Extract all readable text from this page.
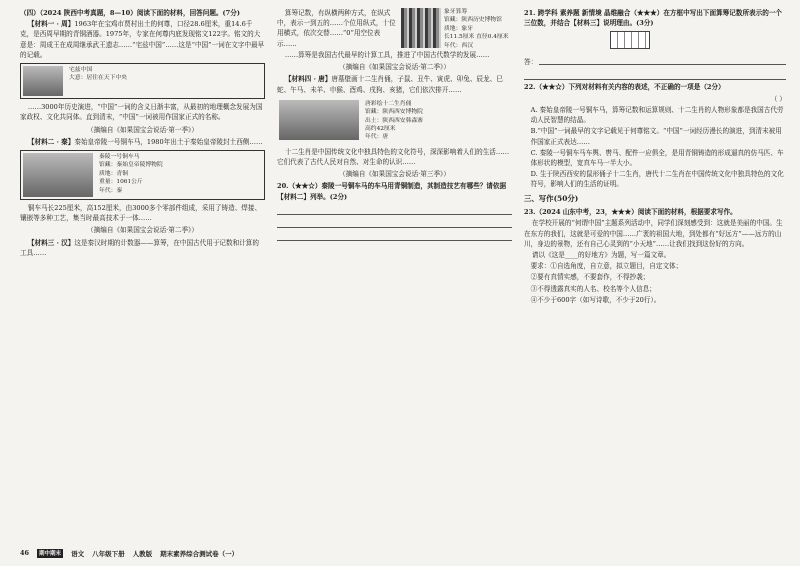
（四）（2024 陕西中考真题，8—10）阅读下面的材料，回答问题。(7分)

【材料一 · 周】1963年在宝鸡市贾村出土的何尊，口径28.6厘米，重14.6千克，是西周早期的青铜酒器。1975年，专家在何尊内底发现铭文122字。铭文的大意是：周成王在成周继承武王遗志……“宅兹中国”……这是“中国”一词在文字中最早的记载。

宅兹中国
大意：居住在天下中央

……3000年历史演进，“中国”一词的含义日渐丰富，从最初的地理概念发展为国家政权、文化共同体。直到清末，“中国”一词被用作国家正式的名称。

（摘编自《如果国宝会说话·第一季》）

【材料二 · 秦】秦始皇帝陵一号铜车马，1980年出土于秦始皇帝陵封土西侧……

秦陵一号铜车马
馆藏：秦始皇帝陵博物院
质地：青铜
重量：1061公斤
年代：秦

铜车马长225厘米，高152厘米，由3000多个零部件组成，采用了铸造、焊接、镶嵌等多种工艺，集当时最高技术于一体……

（摘编自《如果国宝会说话·第二季》）

【材料三 · 汉】这是秦汉时期的计数器——算筹，在中国古代用于记数和计算的工具……

算筹记数，有纵横两种方式，在纵式中，表示一到五的……个位用纵式，十位用横式，依次交替……“0”用空位表示……

象牙算筹
馆藏：陕西历史博物馆
质地：象牙
长11.5厘米 直径0.4厘米
年代：西汉

……算筹是我国古代最早的计算工具，推进了中国古代数学的发展……

（摘编自《如果国宝会说话·第二季》）

【材料四 · 唐】唐墓壁画十二生肖俑，子鼠、丑牛、寅虎、卯兔、辰龙、巳蛇、午马、未羊、申猴、酉鸡、戌狗、亥猪，它们依次排开……

唐彩绘十二生肖俑
馆藏：陕西西安博物院
出土：陕西西安韩森寨
高约42厘米
年代：唐

十二生肖是中国传统文化中独具特色的文化符号，深深影响着人们的生活……它们代表了古代人民对自然、对生命的认识……

（摘编自《如果国宝会说话·第三季》）

20.（★★☆）秦陵一号铜车马的车马用青铜制造，其制造技艺有哪些？请依据【材料二】列举。(2分)

21. 跨学科 素养题 新情境 晶维融合（★★★）在方框中写出下面算筹记数所表示的一个三位数，并结合【材料三】说明理由。(3分)

答：

22.（★★☆）下列对材料有关内容的表述，不正确的一项是（2分）

（ ）

A. 秦始皇帝陵一号铜车马，算筹记数和运算规则、十二生肖的人物形象都是我国古代劳动人民智慧的结晶。

B.“中国”一词最早的文字记载见于何尊铭文。“中国”一词经历漫长的演进，到清末被用作国家正式表达……

C. 秦陵一号铜车马车舆、辔马、配件一应俱全，是用青铜铸造的形成逼真的仿马匹、车体形状的模型，宽真车马一半大小。

D. 生于陕西西安的鼠形俑子十二生肖，唐代十二生肖在中国传统文化中独具特色的文化符号，影响人们的生活的证明。

三、写作(50分)

23.（2024 山东中考，23，★★★）阅读下面的材料，根据要求写作。

在学校开展的“何谓中国”主题系列活动中，同学们深刻感受到：这就是美丽的中国。生在东方的我们，这就是可爱的中国……广袤的祖国大地，到处都有“好远方”——远方的山川，身边的景物，还有自己心灵到的“小天地”……让我们找到这份好的方向。

请以《这是____的好地方》为题，写一篇文章。

要求：①自选角度，自立意，拟立题目，自定文体；

②要有真情实感，不要套作，不得抄袭；

③不得透露真实的人名、校名等个人信息；

④不少于600字（如写诗歌，不少于20行）。

46	期中期末	语文 八年级下册 人教版 期末素养综合测试卷（一）
